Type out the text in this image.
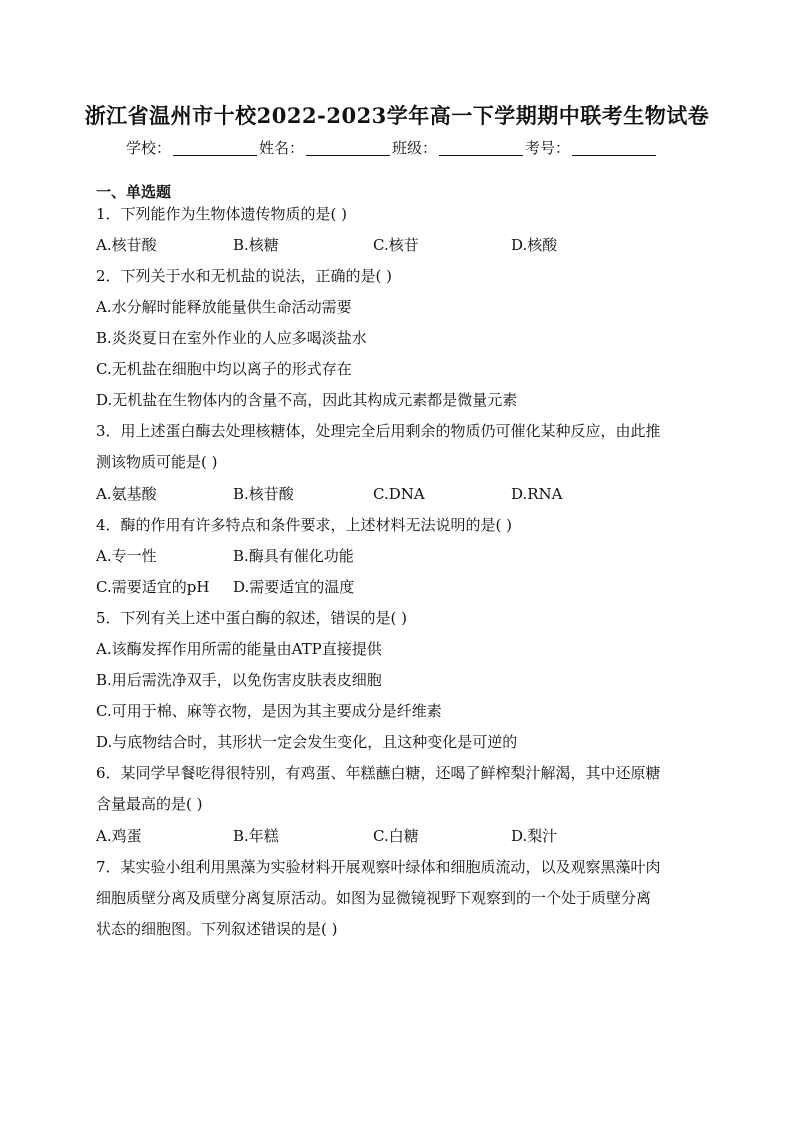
浙江省温州市十校2022-2023学年高一下学期期中联考生物试卷
学校：	姓名：	班级：	考号：
一、单选题
1．下列能作为生物体遗传物质的是( )
A.核苷酸	B.核糖	C.核苷	D.核酸
2．下列关于水和无机盐的说法，正确的是( )
A.水分解时能释放能量供生命活动需要
B.炎炎夏日在室外作业的人应多喝淡盐水
C.无机盐在细胞中均以离子的形式存在
D.无机盐在生物体内的含量不高，因此其构成元素都是微量元素
3．用上述蛋白酶去处理核糖体，处理完全后用剩余的物质仍可催化某种反应，由此推
测该物质可能是( )
A.氨基酸	B.核苷酸	C.DNA	D.RNA
4．酶的作用有许多特点和条件要求，上述材料无法说明的是( )
A.专一性	B.酶具有催化功能
C.需要适宜的pH D.需要适宜的温度
5．下列有关上述中蛋白酶的叙述，错误的是( )
A.该酶发挥作用所需的能量由ATP直接提供
B.用后需洗净双手，以免伤害皮肤表皮细胞
C.可用于棉、麻等衣物，是因为其主要成分是纤维素
D.与底物结合时，其形状一定会发生变化，且这种变化是可逆的
6．某同学早餐吃得很特别，有鸡蛋、年糕蘸白糖，还喝了鲜榨梨汁解渴，其中还原糖
含量最高的是( )
A.鸡蛋	B.年糕	C.白糖	D.梨汁
7．某实验小组利用黑藻为实验材料开展观察叶绿体和细胞质流动，以及观察黑藻叶肉
细胞质壁分离及质壁分离复原活动。如图为显微镜视野下观察到的一个处于质壁分离
状态的细胞图。下列叙述错误的是( )
